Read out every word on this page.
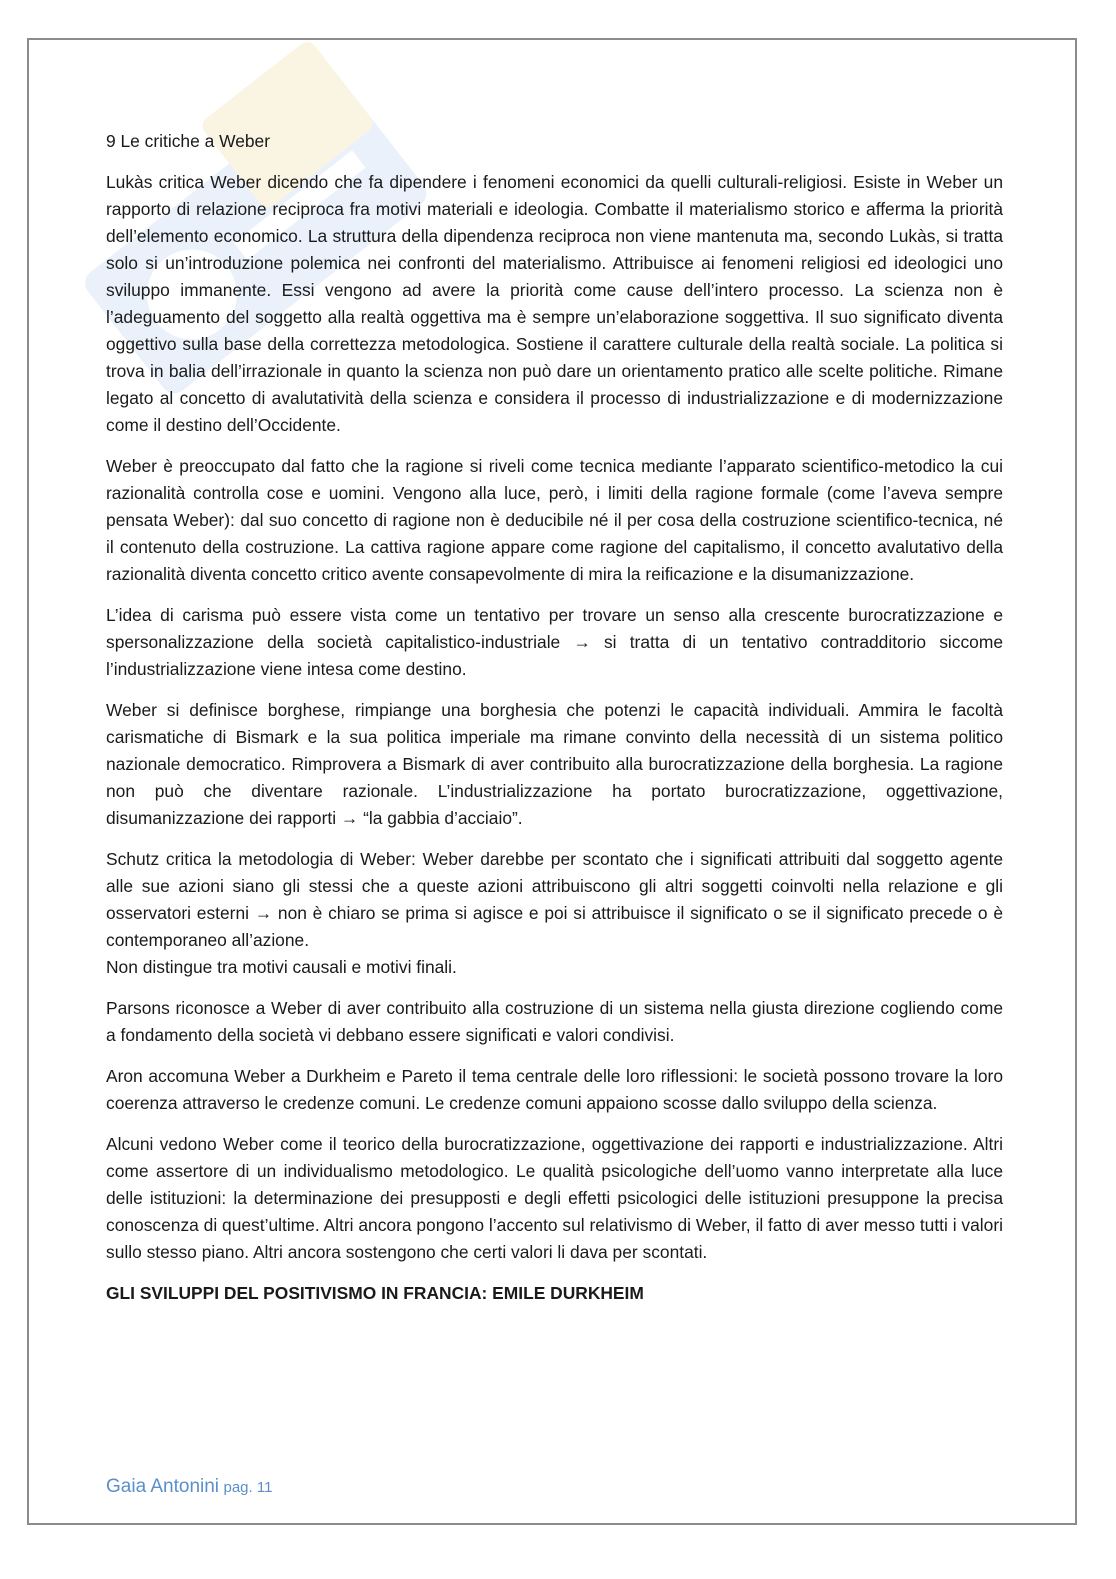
9 Le critiche a Weber

Lukàs critica Weber dicendo che fa dipendere i fenomeni economici da quelli culturali-religiosi. Esiste in Weber un rapporto di relazione reciproca fra motivi materiali e ideologia. Combatte il materialismo storico e afferma la priorità dell’elemento economico. La struttura della dipendenza reciproca non viene mantenuta ma, secondo Lukàs, si tratta solo si un’introduzione polemica nei confronti del materialismo. Attribuisce ai fenomeni religiosi ed ideologici uno sviluppo immanente. Essi vengono ad avere la priorità come cause dell’intero processo. La scienza non è l’adeguamento del soggetto alla realtà oggettiva ma è sempre un’elaborazione soggettiva. Il suo significato diventa oggettivo sulla base della correttezza metodologica. Sostiene il carattere culturale della realtà sociale. La politica si trova in balia dell’irrazionale in quanto la scienza non può dare un orientamento pratico alle scelte politiche. Rimane legato al concetto di avalutatività della scienza e considera il processo di industrializzazione e di modernizzazione come il destino dell’Occidente.

Weber è preoccupato dal fatto che la ragione si riveli come tecnica mediante l’apparato scientifico-metodico la cui razionalità controlla cose e uomini. Vengono alla luce, però, i limiti della ragione formale (come l’aveva sempre pensata Weber): dal suo concetto di ragione non è deducibile né il per cosa della costruzione scientifico-tecnica, né il contenuto della costruzione. La cattiva ragione appare come ragione del capitalismo, il concetto avalutativo della razionalità diventa concetto critico avente consapevolmente di mira la reificazione e la disumanizzazione.

L’idea di carisma può essere vista come un tentativo per trovare un senso alla crescente burocratizzazione e spersonalizzazione della società capitalistico-industriale → si tratta di un tentativo contradditorio siccome l’industrializzazione viene intesa come destino.

Weber si definisce borghese, rimpiange una borghesia che potenzi le capacità individuali. Ammira le facoltà carismatiche di Bismark e la sua politica imperiale ma rimane convinto della necessità di un sistema politico nazionale democratico. Rimprovera a Bismark di aver contribuito alla burocratizzazione della borghesia. La ragione non può che diventare razionale. L’industrializzazione ha portato burocratizzazione, oggettivazione, disumanizzazione dei rapporti → “la gabbia d’acciaio”.

Schutz critica la metodologia di Weber: Weber darebbe per scontato che i significati attribuiti dal soggetto agente alle sue azioni siano gli stessi che a queste azioni attribuiscono gli altri soggetti coinvolti nella relazione e gli osservatori esterni → non è chiaro se prima si agisce e poi si attribuisce il significato o se il significato precede o è contemporaneo all’azione.
Non distingue tra motivi causali e motivi finali.

Parsons riconosce a Weber di aver contribuito alla costruzione di un sistema nella giusta direzione cogliendo come a fondamento della società vi debbano essere significati e valori condivisi.

Aron accomuna Weber a Durkheim e Pareto il tema centrale delle loro riflessioni: le società possono trovare la loro coerenza attraverso le credenze comuni. Le credenze comuni appaiono scosse dallo sviluppo della scienza.

Alcuni vedono Weber come il teorico della burocratizzazione, oggettivazione dei rapporti e industrializzazione. Altri come assertore di un individualismo metodologico. Le qualità psicologiche dell’uomo vanno interpretate alla luce delle istituzioni: la determinazione dei presupposti e degli effetti psicologici delle istituzioni presuppone la precisa conoscenza di quest’ultime. Altri ancora pongono l’accento sul relativismo di Weber, il fatto di aver messo tutti i valori sullo stesso piano. Altri ancora sostengono che certi valori li dava per scontati.

GLI SVILUPPI DEL POSITIVISMO IN FRANCIA: EMILE DURKHEIM
Gaia Antonini pag. 11
